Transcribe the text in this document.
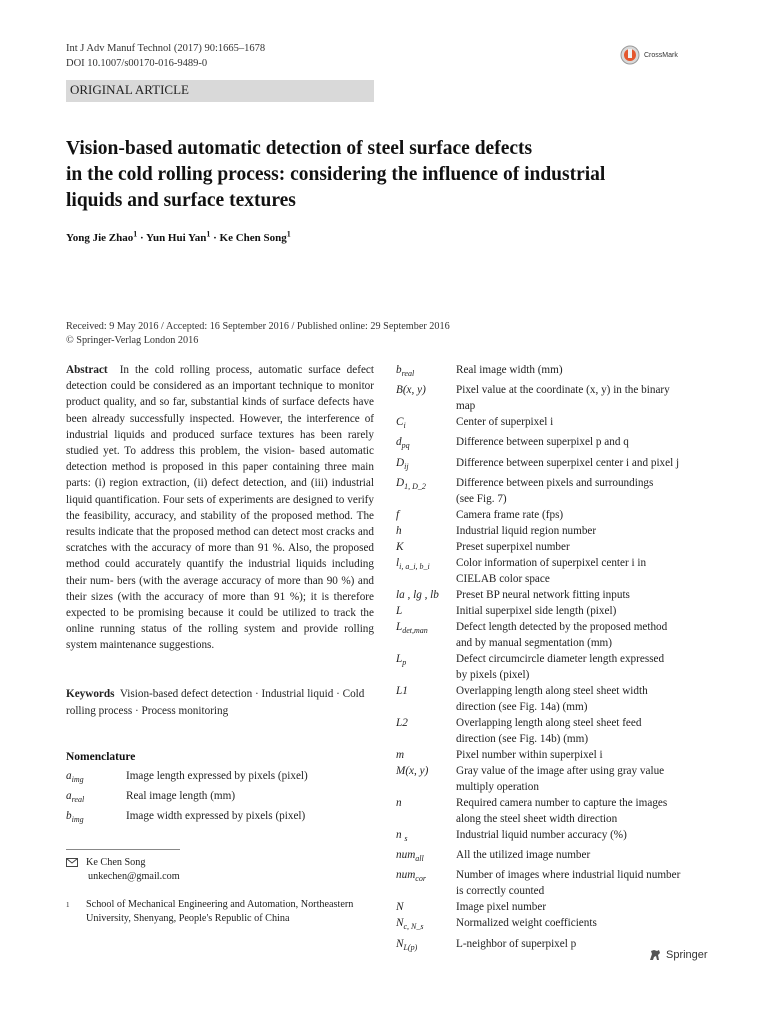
Int J Adv Manuf Technol (2017) 90:1665–1678
DOI 10.1007/s00170-016-9489-0
CrossMark
ORIGINAL ARTICLE
Vision-based automatic detection of steel surface defects
in the cold rolling process: considering the influence of industrial
liquids and surface textures
Yong Jie Zhao$^1$ · Yun Hui Yan$^1$ · Ke Chen Song$^1$
Received: 9 May 2016 / Accepted: 16 September 2016 / Published online: 29 September 2016
© Springer-Verlag London 2016
Abstract In the cold rolling process, automatic surface defect detection could be considered as an important technique to monitor product quality, and so far, substantial kinds of surface defects have been already successfully inspected. However, the interference of industrial liquids and produced surface textures has been rarely studied yet. To address this problem, the vision- based automatic detection method is proposed in this paper containing three main parts: (i) region extraction, (ii) defect detection, and (iii) industrial liquid quantification. Four sets of experiments are designed to verify the feasibility, accuracy, and stability of the proposed method. The results indicate that the proposed method can detect most cracks and scratches with the accuracy of more than 91 %. Also, the proposed method could accurately quantify the industrial liquids including their num- bers (with the average accuracy of more than 90 %) and their sizes (with the accuracy of more than 91 %); it is therefore expected to be promising because it could be utilized to track the online running status of the rolling system and provide rolling system maintenance suggestions.
Keywords Vision-based defect detection · Industrial liquid · Cold rolling process · Process monitoring
Nomenclature
$a_{img}$	Image length expressed by pixels (pixel)
$a_{real}$	Real image length (mm)
$b_{img}$	Image width expressed by pixels (pixel)
$b_{real}$	Real image width (mm)
B(x, y)	Pixel value at the coordinate (x, y) in the binary
map
$C_i$	Center of superpixel i
$d_{pq}$	Difference between superpixel p and q
$D_{ij}$	Difference between superpixel center i and pixel j
$D_{1, D\_2}$	Difference between pixels and surroundings
(see Fig. 7)
f	Camera frame rate (fps)
h	Industrial liquid region number
K	Preset superpixel number
$l_{i, a\_i, b\_i}$	Color information of superpixel center i in
CIELAB color space
la , lg , lb	Preset BP neural network fitting inputs
L	Initial superpixel side length (pixel)
$L_{det,man}$	Defect length detected by the proposed method
and by manual segmentation (mm)
$L_p$	Defect circumcircle diameter length expressed
by pixels (pixel)
L1	Overlapping length along steel sheet width
direction (see Fig. 14a) (mm)
L2	Overlapping length along steel sheet feed
direction (see Fig. 14b) (mm)
m	Pixel number within superpixel i
M(x, y)	Gray value of the image after using gray value
multiply operation
n	Required camera number to capture the images
along the steel sheet width direction
n $_s$	Industrial liquid number accuracy (%)
num$_{all}$	All the utilized image number
num$_{cor}$	Number of images where industrial liquid number
is correctly counted
N	Image pixel number
$N_{c, N\_s}$	Normalized weight coefficients
$N_{L(p)}$	L-neighbor of superpixel p
Ke Chen Song
unkechen@gmail.com
1	School of Mechanical Engineering and Automation, Northeastern
University, Shenyang, People's Republic of China
Springer
